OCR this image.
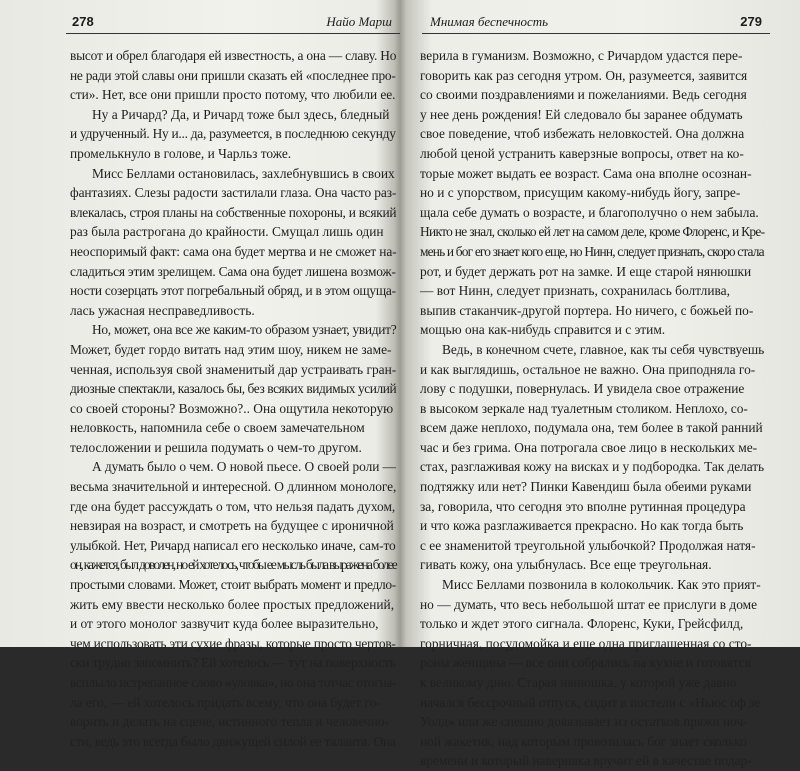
278	Найо Марш
высот и обрел благодаря ей известность, а она — славу. Но
не ради этой славы они пришли сказать ей «последнее про-
сти». Нет, все они пришли просто потому, что любили ее.
Ну а Ричард? Да, и Ричард тоже был здесь, бледный
и удрученный. Ну и... да, разумеется, в последнюю секунду
промелькнуло в голове, и Чарльз тоже.
Мисс Беллами остановилась, захлебнувшись в своих
фантазиях. Слезы радости застилали глаза. Она часто раз-
влекалась, строя планы на собственные похороны, и всякий
раз была растрогана до крайности. Смущал лишь один
неоспоримый факт: сама она будет мертва и не сможет на-
сладиться этим зрелищем. Сама она будет лишена возмож-
ности созерцать этот погребальный обряд, и в этом ощуща-
лась ужасная несправедливость.
Но, может, она все же каким-то образом узнает, увидит?
Может, будет гордо витать над этим шоу, никем не заме-
ченная, используя свой знаменитый дар устраивать гран-
диозные спектакли, казалось бы, без всяких видимых усилий
со своей стороны? Возможно?.. Она ощутила некоторую
неловкость, напомнила себе о своем замечательном
телосложении и решила подумать о чем-то другом.
А думать было о чем. О новой пьесе. О своей роли —
весьма значительной и интересной. О длинном монологе,
где она будет рассуждать о том, что нельзя падать духом,
невзирая на возраст, и смотреть на будущее с ироничной
улыбкой. Нет, Ричард написал его несколько иначе, сам-то
он, кажется, был доволен, но ей хотелось, чтобы ее мысль была выражена более
простыми словами. Может, стоит выбрать момент и предло-
жить ему ввести несколько более простых предложений,
и от этого монолог зазвучит куда более выразительно,
чем использовать эти сухие фразы, которые просто чертов-
ски трудно запомнить? Ей хотелось — тут на поверхность
всплыло истрепанное слово «уловка», но она тотчас отогна-
ла его, — ей хотелось придать всему, что она будет го-
ворить и делать на сцене, истинного тепла и человечно-
сти, ведь это всегда было движущей силой ее таланта. Она
Мнимая беспечность	279
верила в гуманизм. Возможно, с Ричардом удастся пере-
говорить как раз сегодня утром. Он, разумеется, заявится
со своими поздравлениями и пожеланиями. Ведь сегодня
у нее день рождения! Ей следовало бы заранее обдумать
свое поведение, чтоб избежать неловкостей. Она должна
любой ценой устранить каверзные вопросы, ответ на ко-
торые может выдать ее возраст. Сама она вполне осознан-
но и с упорством, присущим какому-нибудь йогу, запре-
щала себе думать о возрасте, и благополучно о нем забыла.
Никто не знал, сколько ей лет на самом деле, кроме Флоренс, и Кре-
мень и бог его знает кого еще, но Нинн, следует признать, скоро стала
рот, и будет держать рот на замке. И еще старой нянюшки
— вот Нинн, следует признать, сохранилась болтлива,
выпив стаканчик-другой портера. Но ничего, с божьей по-
мощью она как-нибудь справится и с этим.
Ведь, в конечном счете, главное, как ты себя чувствуешь
и как выглядишь, остальное не важно. Она приподняла го-
лову с подушки, повернулась. И увидела свое отражение
в высоком зеркале над туалетным столиком. Неплохо, со-
всем даже неплохо, подумала она, тем более в такой ранний
час и без грима. Она потрогала свое лицо в нескольких ме-
стах, разглаживая кожу на висках и у подбородка. Так делать
подтяжку или нет? Пинки Кавендиш была обеими руками
за, говорила, что сегодня это вполне рутинная процедура
и что кожа разглаживается прекрасно. Но как тогда быть
с ее знаменитой треугольной улыбочкой? Продолжая натя-
гивать кожу, она улыбнулась. Все еще треугольная.
Мисс Беллами позвонила в колокольчик. Как это прият-
но — думать, что весь небольшой штат ее прислуги в доме
только и ждет этого сигнала. Флоренс, Куки, Грейсфилд,
горничная, посудомойка и еще одна приглашенная со сто-
роны женщина — все они собрались на кухне и готовятся
к великому дню. Старая нянюшка, у которой уже давно
начался бессрочный отпуск, сидит в постели с «Ньюс оф зе
Уолд» или же спешно довязывает из остатков пряжи ноч-
ной жакетик, над которым провозилась бог знает сколько
времени и который наверняка вручит ей в качестве подар-
